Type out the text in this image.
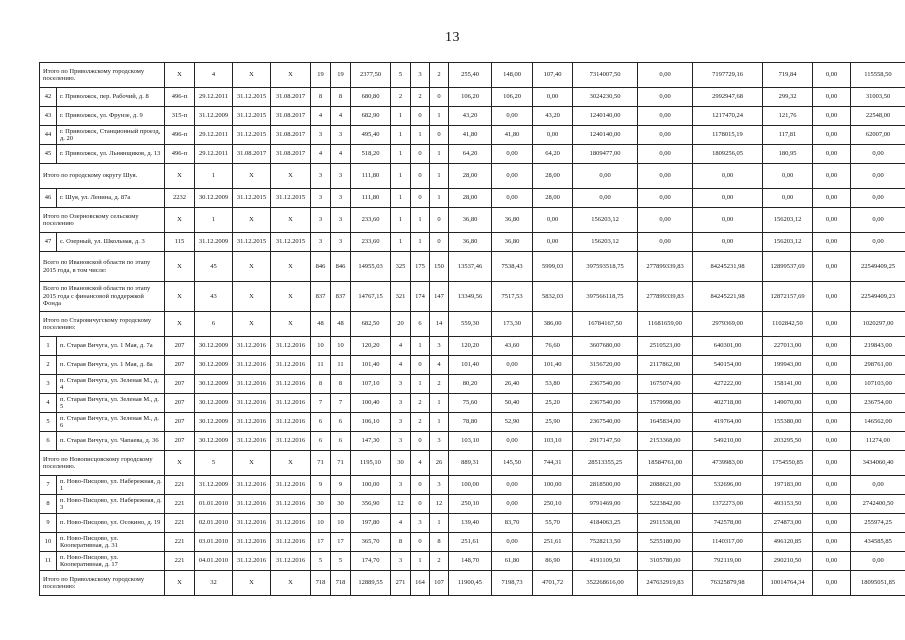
13
Итого по Приволжскому городскому поселению.		X	4	X	X	19	19	2377,50	5	3	2	255,40	148,00	107,40	7314007,50	0,00	7197729,16	719,84	0,00	115558,50
42	г. Приволжск, пер. Рабочий, д. 8	496-п	29.12.2011	31.12.2015	31.08.2017	8	8	680,80	2	2	0	106,20	106,20	0,00	3024230,50	0,00	2992947,68	299,32	0,00	31003,50
43	г. Приволжск, ул. Фрунзе, д. 9	315-п	31.12.2009	31.12.2015	31.08.2017	4	4	682,90	1	0	1	43,20	0,00	43,20	1240140,00	0,00	1217470,24	121,76	0,00	22548,00
44	г. Приволжск, Станционный проезд, д. 20	496-п	29.12.2011	31.12.2015	31.08.2017	3	3	495,40	1	1	0	41,80	41,80	0,00	1240140,00	0,00	1178015,19	117,81	0,00	62007,00
45	г. Приволжск, ул. Льнянщиков, д. 13	496-п	29.12.2011	31.08.2017	31.08.2017	4	4	518,20	1	0	1	64,20	0,00	64,20	1809477,00	0,00	1809256,05	180,95	0,00	0,00
Итого по городскому округу Шуя.		X	1	X	X	3	3	111,80	1	0	1	28,00	0,00	28,00	0,00	0,00	0,00	0,00	0,00	0,00
46	г. Шуя, ул. Ленина, д. 87а	2232	30.12.2009	31.12.2015	31.12.2015	3	3	111,80	1	0	1	28,00	0,00	28,00	0,00	0,00	0,00	0,00	0,00	0,00
Итого по Озерновскому сельскому поселению		X	1	X	X	3	3	233,60	1	1	0	36,80	36,80	0,00	156203,12	0,00	0,00	156203,12	0,00	0,00
47	с. Озерный, ул. Школьная, д. 3	115	31.12.2009	31.12.2015	31.12.2015	3	3	233,60	1	1	0	36,80	36,80	0,00	156203,12	0,00	0,00	156203,12	0,00	0,00
Всего по Ивановской области по этапу 2015 года, в том числе:		X	45	X	X	846	846	14955,03	325	175	150	13537,46	7538,43	5999,03	397593518,75	277899339,83	84245231,98	12899537,69	0,00	22549409,25
Всего по Ивановской области по этапу 2015 года с финансовой поддержкой Фонда		X	43	X	X	837	837	14767,15	321	174	147	13349,56	7517,53	5832,03	397566118,75	277899339,83	84245221,98	12872157,69	0,00	22549409,23
Итого по Старовичугскому городскому поселению:		X	6	X	X	48	48	682,50	20	6	14	559,30	173,30	386,00	16784167,50	11681659,00	2979369,00	1102842,50	0,00	1020297,00
1	п. Старая Вичуга, ул. 1 Мая, д. 7а	207	30.12.2009	31.12.2016	31.12.2016	10	10	120,20	4	1	3	120,20	43,60	76,60	3607680,00	2510523,00	640301,00	227013,00	0,00	219843,00
2	п. Старая Вичуга, ул. 1 Мая, д. 8а	207	30.12.2009	31.12.2016	31.12.2016	11	11	101,40	4	0	4	101,40	0,00	101,40	3156720,00	2117862,00	540154,00	199943,00	0,00	298761,00
3	п. Старая Вичуга, ул. Зеленая М., д. 4	207	30.12.2009	31.12.2016	31.12.2016	8	8	107,10	3	1	2	80,20	26,40	53,80	2367540,00	1675074,00	427222,00	158141,00	0,00	107103,00
4	п. Старая Вичуга, ул. Зеленая М., д. 5	207	30.12.2009	31.12.2016	31.12.2016	7	7	100,40	3	2	1	75,60	50,40	25,20	2367540,00	1579998,00	402718,00	149070,00	0,00	236754,00
5	п. Старая Вичуга, ул. Зеленая М., д. 6	207	30.12.2009	31.12.2016	31.12.2016	6	6	106,10	3	2	1	78,80	52,90	25,90	2367540,00	1645834,00	419764,00	155380,00	0,00	146562,00
6	п. Старая Вичуга, ул. Чапаева, д. 36	207	30.12.2009	31.12.2016	31.12.2016	6	6	147,30	3	0	3	103,10	0,00	103,10	2917147,50	2153368,00	549210,00	203295,50	0,00	11274,00
Итого по Новописцовскому городскому поселению.		X	5	X	X	71	71	1195,10	30	4	26	889,31	145,50	744,31	28513355,25	18584761,00	4739983,00	1754550,85	0,00	3434060,40
7	п. Ново-Писцово, ул. Набережная, д. 1	221	31.12.2009	31.12.2016	31.12.2016	9	9	100,00	3	0	3	100,00	0,00	100,00	2818500,00	2088621,00	532696,00	197183,00	0,00	0,00
8	п. Ново-Писцово, ул. Набережная, д. 3	221	01.01.2010	31.12.2016	31.12.2016	30	30	356,90	12	0	12	250,10	0,00	250,10	9791469,00	5223842,00	1372273,00	493153,50	0,00	2742400,50
9	п. Ново-Писцово, ул. Осокино, д. 19	221	02.01.2010	31.12.2016	31.12.2016	10	10	197,80	4	3	1	139,40	83,70	55,70	4184063,25	2911538,00	742578,00	274873,00	0,00	255974,25
10	п. Ново-Писцово, ул. Кооперативная, д. 31	221	03.01.2010	31.12.2016	31.12.2016	17	17	365,70	8	0	8	251,61	0,00	251,61	7528213,50	5255180,00	1140317,00	496120,85	0,00	434585,85
11	п. Ново-Писцово, ул. Кооперативная, д. 17	221	04.01.2010	31.12.2016	31.12.2016	5	5	174,70	3	1	2	148,70	61,80	86,90	4191109,50	3105780,00	792119,00	290210,50	0,00	0,00
Итого по Приволжскому городскому поселению:		X	32	X	X	718	718	12889,55	271	164	107	11900,45	7198,73	4701,72	352268616,00	247632919,83	76325879,98	10014764,34	0,00	18095051,85
